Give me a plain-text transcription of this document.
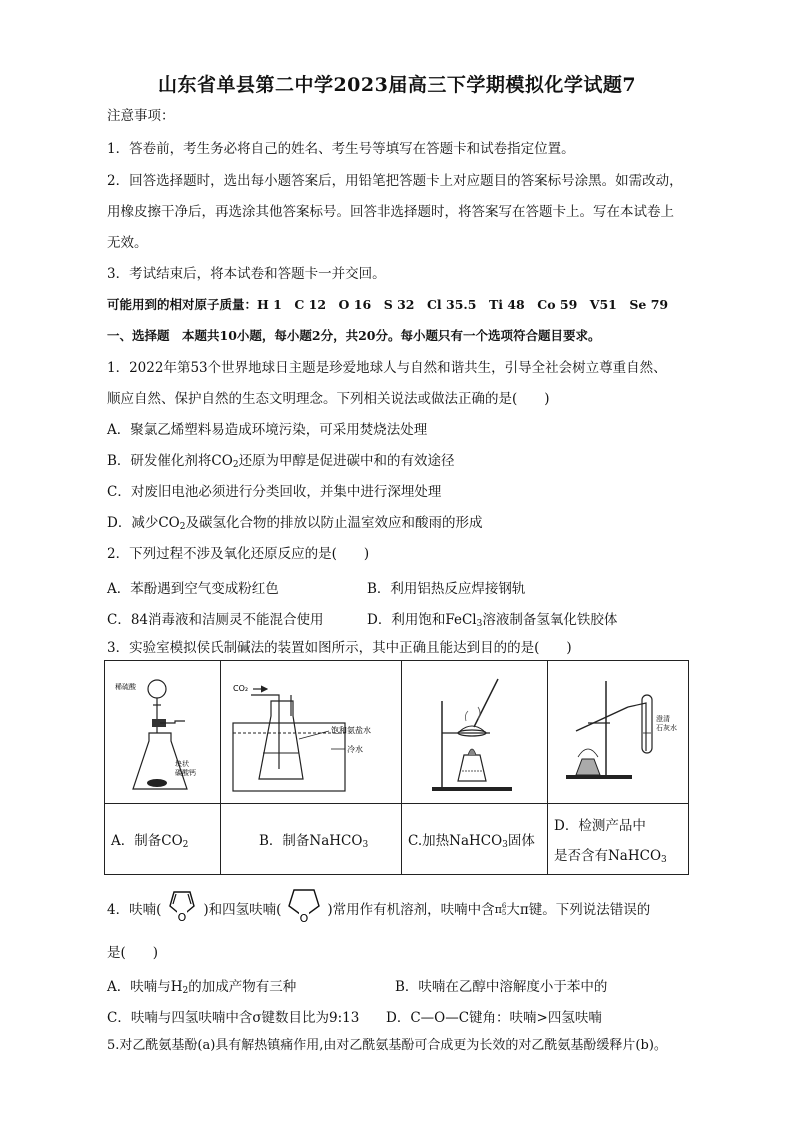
山东省单县第二中学2023届高三下学期模拟化学试题7
注意事项：
1．答卷前，考生务必将自己的姓名、考生号等填写在答题卡和试卷指定位置。
2．回答选择题时，选出每小题答案后，用铅笔把答题卡上对应题目的答案标号涂黑。如需改动，
用橡皮擦干净后，再选涂其他答案标号。回答非选择题时，将答案写在答题卡上。写在本试卷上
无效。
3．考试结束后，将本试卷和答题卡一并交回。
可能用到的相对原子质量：H 1　C 12　O 16　S 32　Cl 35.5　Ti 48　Co 59　V51　Se 79
一、选择题　本题共10小题，每小题2分，共20分。每小题只有一个选项符合题目要求。
1．2022年第53个世界地球日主题是珍爱地球人与自然和谐共生，引导全社会树立尊重自然、
顺应自然、保护自然的生态文明理念。下列相关说法或做法正确的是(　　)
A．聚氯乙烯塑料易造成环境污染，可采用焚烧法处理
B．研发催化剂将$CO_2$还原为甲醇是促进碳中和的有效途径
C．对废旧电池必须进行分类回收，并集中进行深埋处理
D．减少$CO_2$及碳氢化合物的排放以防止温室效应和酸雨的形成
2．下列过程不涉及氧化还原反应的是(　　)
A．苯酚遇到空气变成粉红色	B．利用铝热反应焊接钢轨
C．84消毒液和洁厕灵不能混合使用	D．利用饱和FeCl$_3$溶液制备氢氧化铁胶体
3．实验室模拟侯氏制碱法的装置如图所示，其中正确且能达到目的的是(　　)
稀硫酸
块状
碳酸钙	CO₂
饱和氨盐水
冷水		澄清
石灰水

A．制备$CO_2$	B．制备NaHCO$_3$	C.加热NaHCO$_3$固体	D．检测产品中
是否含有NaHCO$_3$
4．呋喃( O )和四氢呋喃(
O
)常用作有机溶剂，呋喃中含 π 6
5 大π键。下列说法错误的
是(　　)
A．呋喃与$H_2$的加成产物有三种	B．呋喃在乙醇中溶解度小于苯中的
C．呋喃与四氢呋喃中含σ键数目比为9:13 D．C—O—C键角：呋喃>四氢呋喃
5.对乙酰氨基酚(a)具有解热镇痛作用,由对乙酰氨基酚可合成更为长效的对乙酰氨基酚缓释片(b)。
